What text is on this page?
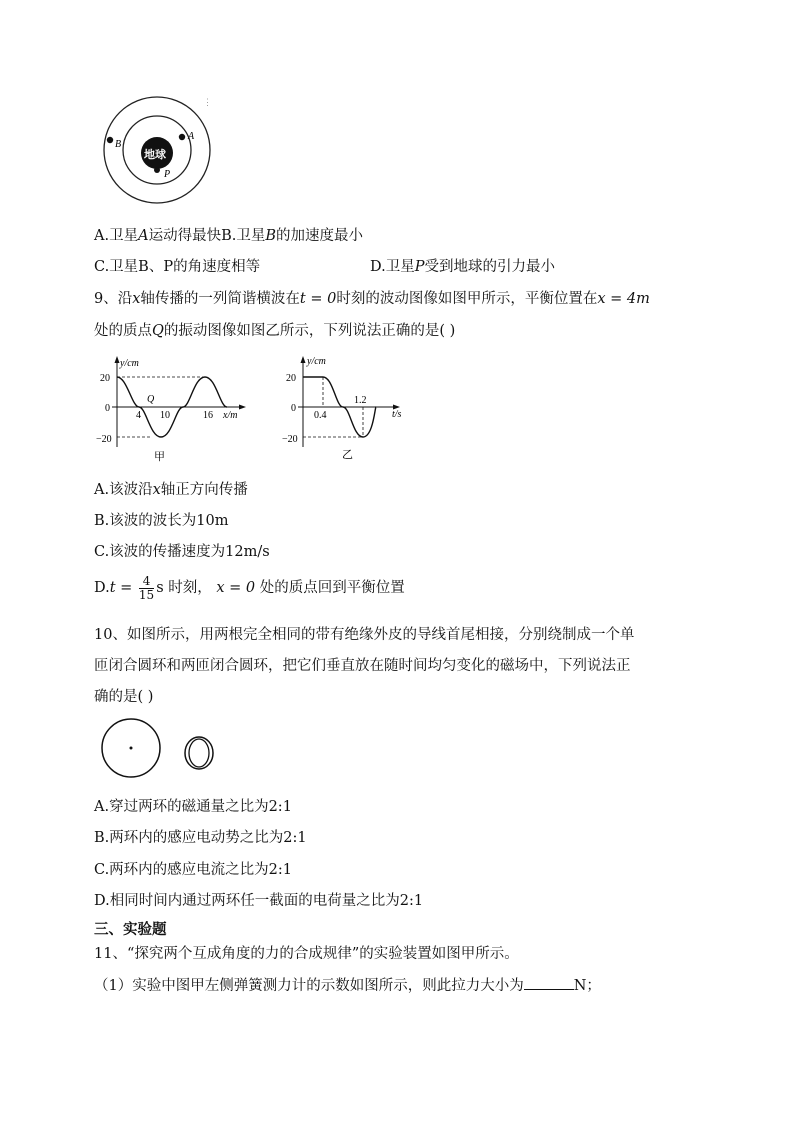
地球
A
B
P
⋮
A.卫星A运动得最快B.卫星B的加速度最小
C.卫星B、P的角速度相等	D.卫星P受到地球的引力最小
9、沿x轴传播的一列简谐横波在t = 0时刻的波动图像如图甲所示，平衡位置在x = 4m
处的质点Q的振动图像如图乙所示，下列说法正确的是( )
y/cm
x/m
20
0
−20
4
Q
10	16
甲
y/cm
t/s
20
0
−20
0.4
1.2
乙
A.该波沿x轴正方向传播
B.该波的波长为10m
C.该波的传播速度为12m/s
$D.t = \frac{4}{15}$ s 时刻， x = 0 处的质点回到平衡位置
10、如图所示，用两根完全相同的带有绝缘外皮的导线首尾相接，分别绕制成一个单
匝闭合圆环和两匝闭合圆环，把它们垂直放在随时间均匀变化的磁场中，下列说法正
确的是( )
A.穿过两环的磁通量之比为2:1
B.两环内的感应电动势之比为2:1
C.两环内的感应电流之比为2:1
D.相同时间内通过两环任一截面的电荷量之比为2:1
三、实验题
11、“探究两个互成角度的力的合成规律”的实验装置如图甲所示。
（1）实验中图甲左侧弹簧测力计的示数如图所示，则此拉力大小为	N；
